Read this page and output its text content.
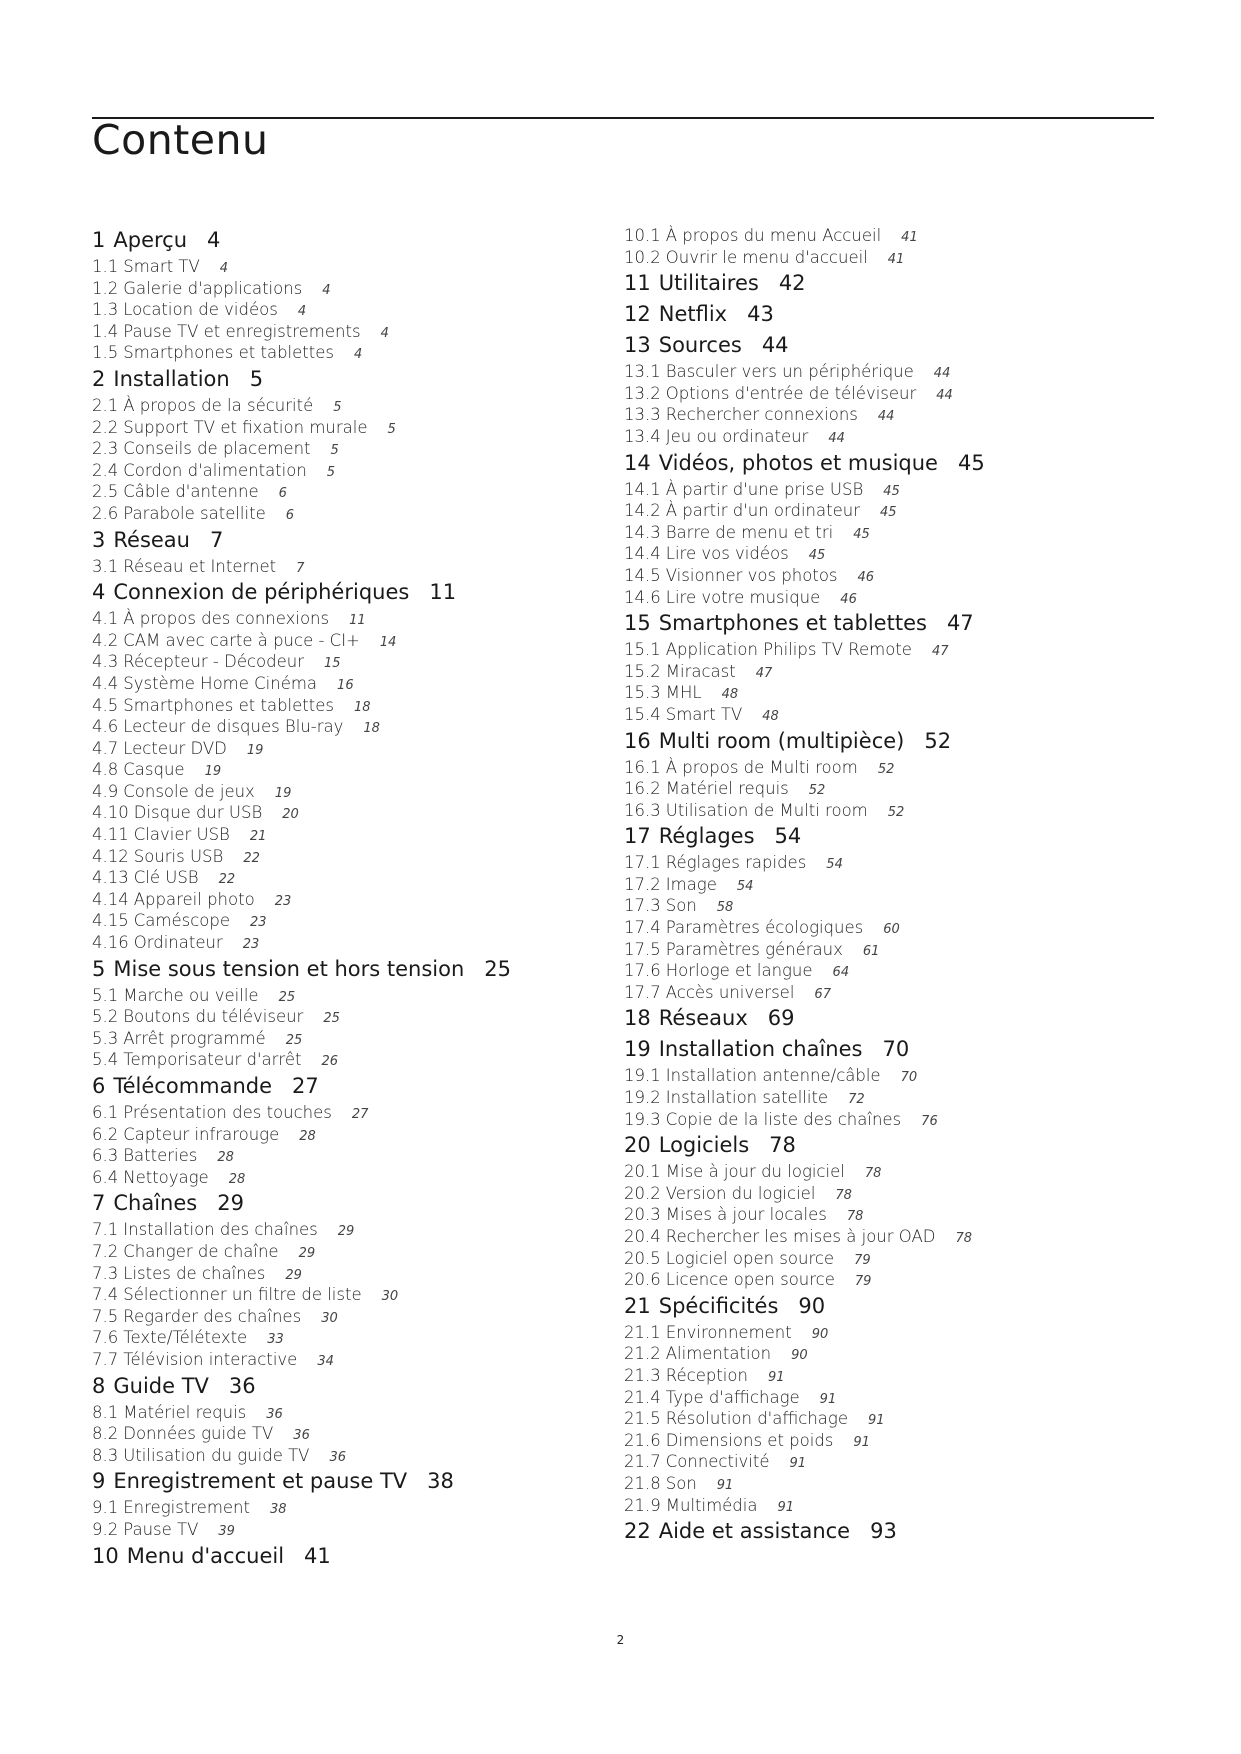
Contenu
1 Aperçu 4
1.1 Smart TV 4
1.2 Galerie d'applications 4
1.3 Location de vidéos 4
1.4 Pause TV et enregistrements 4
1.5 Smartphones et tablettes 4
2 Installation 5
2.1 À propos de la sécurité 5
2.2 Support TV et fixation murale 5
2.3 Conseils de placement 5
2.4 Cordon d'alimentation 5
2.5 Câble d'antenne 6
2.6 Parabole satellite 6
3 Réseau 7
3.1 Réseau et Internet 7
4 Connexion de périphériques 11
4.1 À propos des connexions 11
4.2 CAM avec carte à puce - CI+ 14
4.3 Récepteur - Décodeur 15
4.4 Système Home Cinéma 16
4.5 Smartphones et tablettes 18
4.6 Lecteur de disques Blu-ray 18
4.7 Lecteur DVD 19
4.8 Casque 19
4.9 Console de jeux 19
4.10 Disque dur USB 20
4.11 Clavier USB 21
4.12 Souris USB 22
4.13 Clé USB 22
4.14 Appareil photo 23
4.15 Caméscope 23
4.16 Ordinateur 23
5 Mise sous tension et hors tension 25
5.1 Marche ou veille 25
5.2 Boutons du téléviseur 25
5.3 Arrêt programmé 25
5.4 Temporisateur d'arrêt 26
6 Télécommande 27
6.1 Présentation des touches 27
6.2 Capteur infrarouge 28
6.3 Batteries 28
6.4 Nettoyage 28
7 Chaînes 29
7.1 Installation des chaînes 29
7.2 Changer de chaîne 29
7.3 Listes de chaînes 29
7.4 Sélectionner un filtre de liste 30
7.5 Regarder des chaînes 30
7.6 Texte/Télétexte 33
7.7 Télévision interactive 34
8 Guide TV 36
8.1 Matériel requis 36
8.2 Données guide TV 36
8.3 Utilisation du guide TV 36
9 Enregistrement et pause TV 38
9.1 Enregistrement 38
9.2 Pause TV 39
10 Menu d'accueil 41
10.1 À propos du menu Accueil 41
10.2 Ouvrir le menu d'accueil 41
11 Utilitaires 42
12 Netflix 43
13 Sources 44
13.1 Basculer vers un périphérique 44
13.2 Options d'entrée de téléviseur 44
13.3 Rechercher connexions 44
13.4 Jeu ou ordinateur 44
14 Vidéos, photos et musique 45
14.1 À partir d'une prise USB 45
14.2 À partir d'un ordinateur 45
14.3 Barre de menu et tri 45
14.4 Lire vos vidéos 45
14.5 Visionner vos photos 46
14.6 Lire votre musique 46
15 Smartphones et tablettes 47
15.1 Application Philips TV Remote 47
15.2 Miracast 47
15.3 MHL 48
15.4 Smart TV 48
16 Multi room (multipièce) 52
16.1 À propos de Multi room 52
16.2 Matériel requis 52
16.3 Utilisation de Multi room 52
17 Réglages 54
17.1 Réglages rapides 54
17.2 Image 54
17.3 Son 58
17.4 Paramètres écologiques 60
17.5 Paramètres généraux 61
17.6 Horloge et langue 64
17.7 Accès universel 67
18 Réseaux 69
19 Installation chaînes 70
19.1 Installation antenne/câble 70
19.2 Installation satellite 72
19.3 Copie de la liste des chaînes 76
20 Logiciels 78
20.1 Mise à jour du logiciel 78
20.2 Version du logiciel 78
20.3 Mises à jour locales 78
20.4 Rechercher les mises à jour OAD 78
20.5 Logiciel open source 79
20.6 Licence open source 79
21 Spécificités 90
21.1 Environnement 90
21.2 Alimentation 90
21.3 Réception 91
21.4 Type d'affichage 91
21.5 Résolution d'affichage 91
21.6 Dimensions et poids 91
21.7 Connectivité 91
21.8 Son 91
21.9 Multimédia 91
22 Aide et assistance 93
2
